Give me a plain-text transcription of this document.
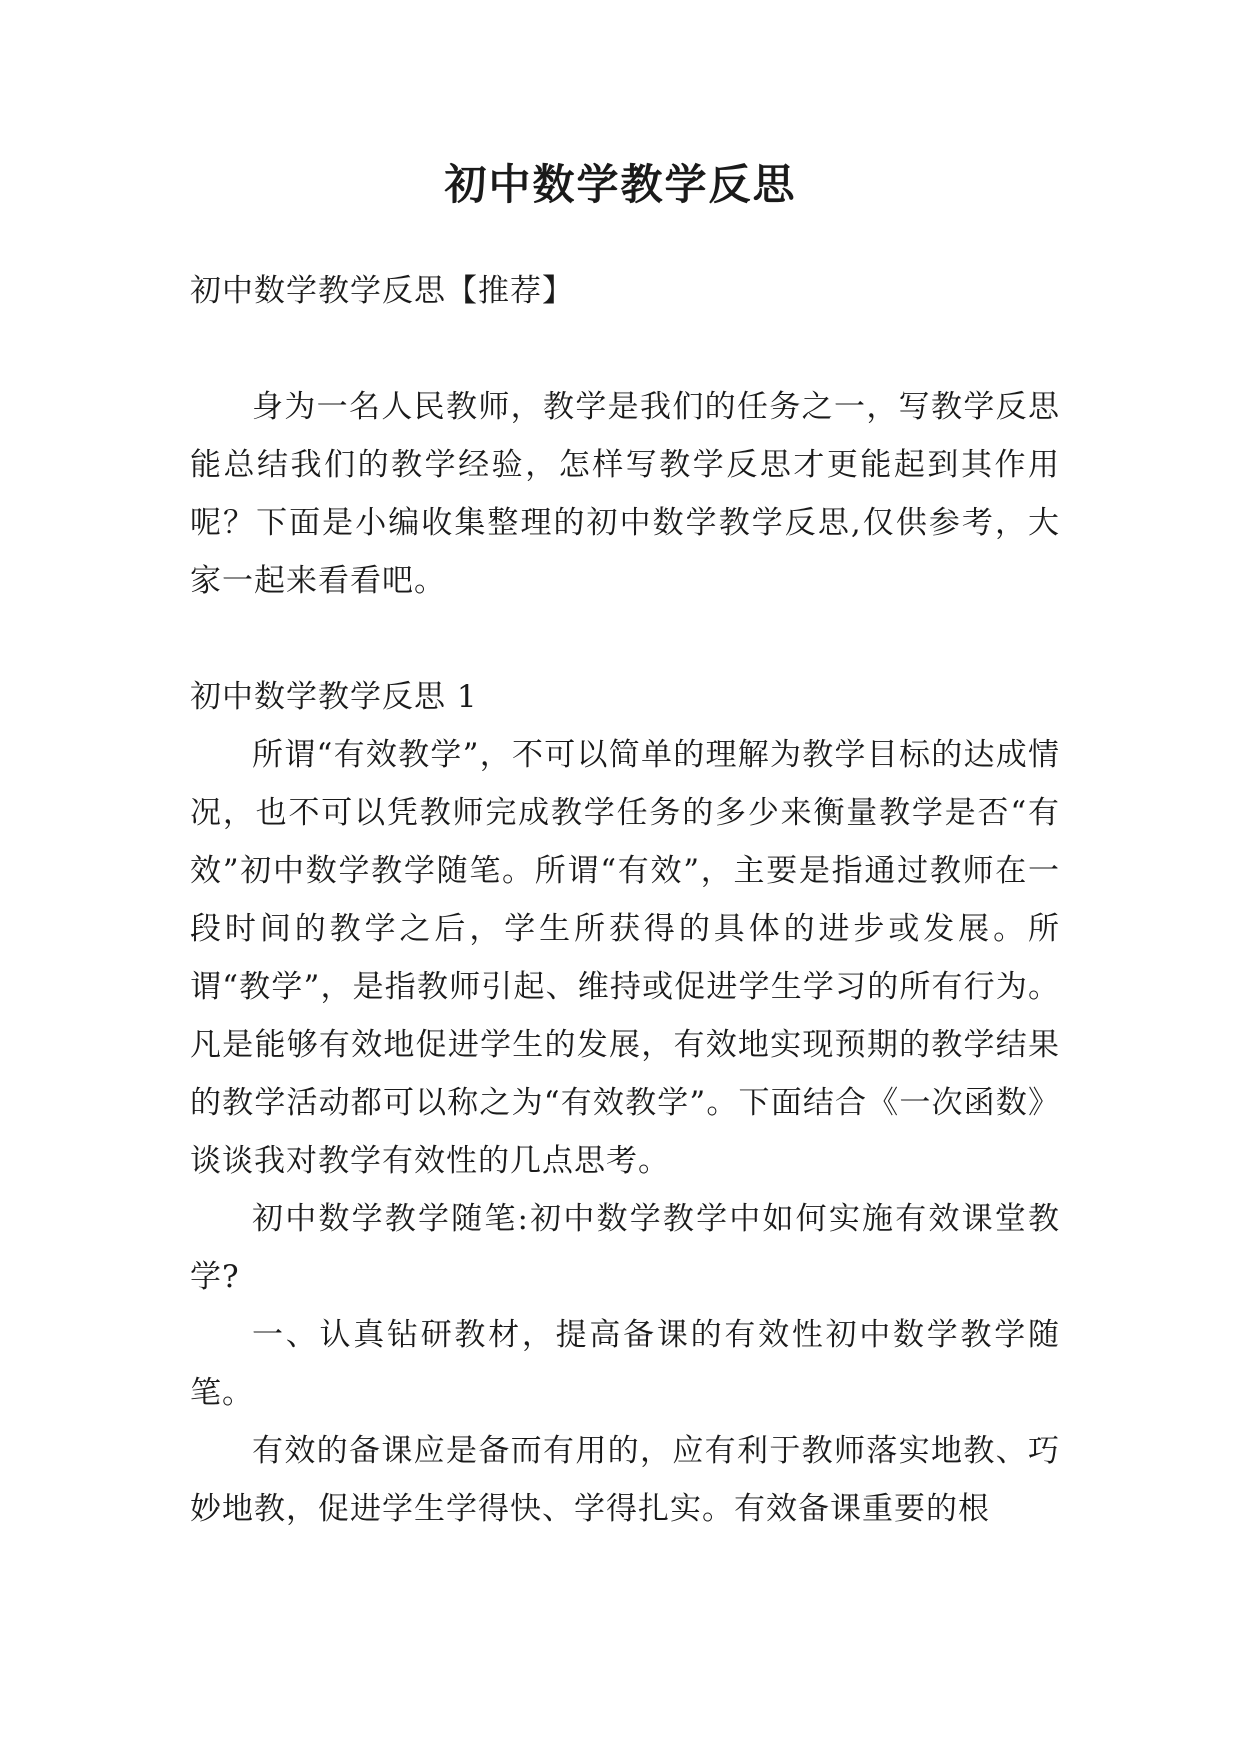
初中数学教学反思

初中数学教学反思【推荐】

身为一名人民教师，教学是我们的任务之一，写教学反思能总结我们的教学经验，怎样写教学反思才更能起到其作用呢？下面是小编收集整理的初中数学教学反思,仅供参考，大家一起来看看吧。

初中数学教学反思 1

所谓“有效教学”，不可以简单的理解为教学目标的达成情况，也不可以凭教师完成教学任务的多少来衡量教学是否“有效”初中数学教学随笔。所谓“有效”，主要是指通过教师在一段时间的教学之后，学生所获得的具体的进步或发展。所谓“教学”，是指教师引起、维持或促进学生学习的所有行为。凡是能够有效地促进学生的发展，有效地实现预期的教学结果的教学活动都可以称之为“有效教学”。下面结合《一次函数》谈谈我对教学有效性的几点思考。

初中数学教学随笔:初中数学教学中如何实施有效课堂教学?

一、认真钻研教材，提高备课的有效性初中数学教学随笔。

有效的备课应是备而有用的，应有利于教师落实地教、巧妙地教，促进学生学得快、学得扎实。有效备课重要的根
